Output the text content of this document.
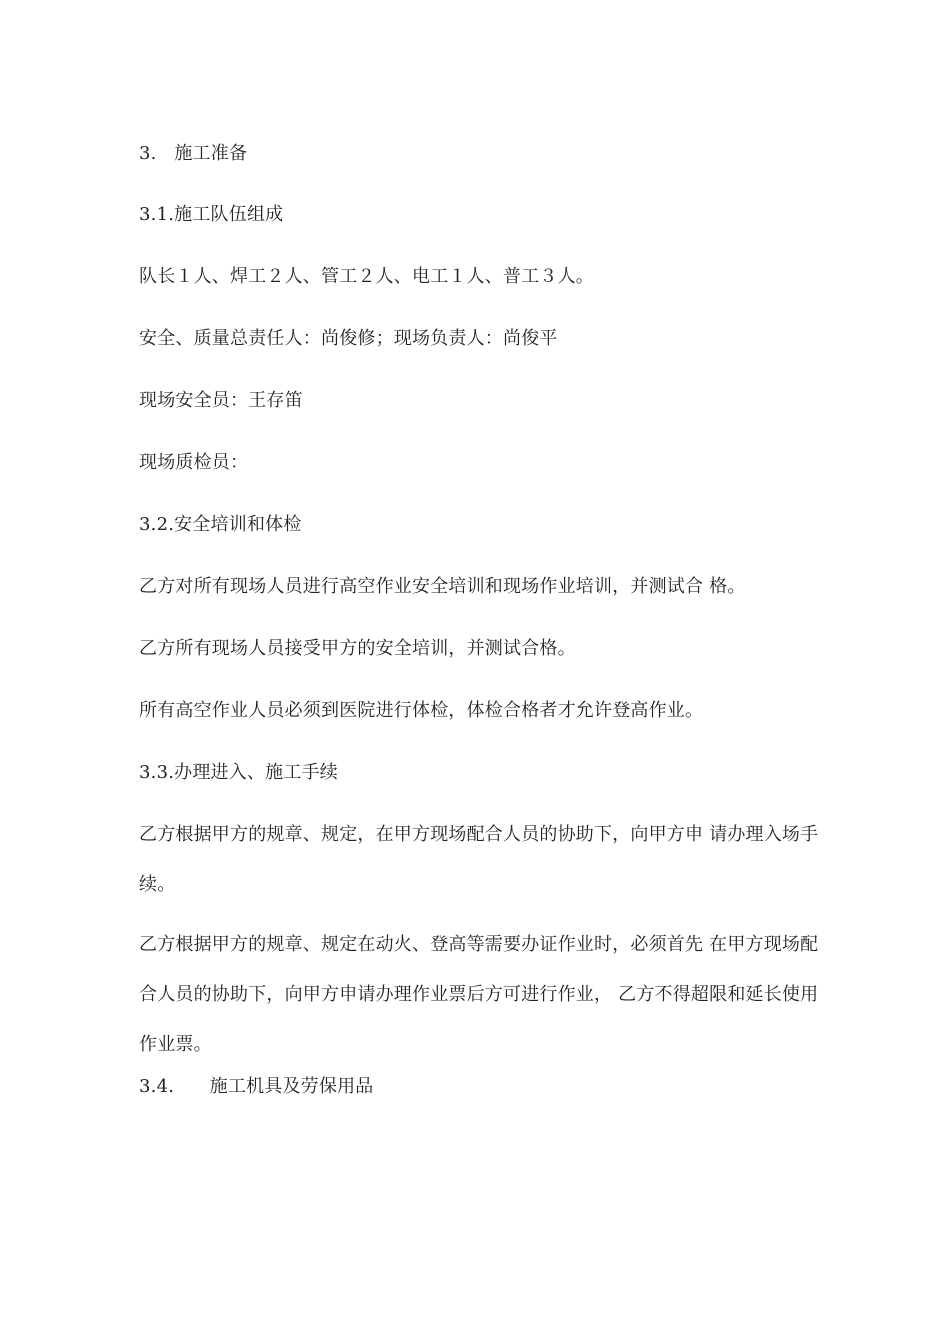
3.   施工准备
3.1.施工队伍组成
队长１人、焊工２人、管工２人、电工１人、普工３人。
安全、质量总责任人：尚俊修；现场负责人：尚俊平
现场安全员：王存笛
现场质检员：
3.2.安全培训和体检
乙方对所有现场人员进行高空作业安全培训和现场作业培训，并测试合 格。
乙方所有现场人员接受甲方的安全培训，并测试合格。
所有高空作业人员必须到医院进行体检，体检合格者才允许登高作业。
3.3.办理进入、施工手续
乙方根据甲方的规章、规定，在甲方现场配合人员的协助下，向甲方申 请办理入场手续。
乙方根据甲方的规章、规定在动火、登高等需要办证作业时，必须首先 在甲方现场配合人员的协助下，向甲方申请办理作业票后方可进行作业， 乙方不得超限和延长使用作业票。
3.4.      施工机具及劳保用品
